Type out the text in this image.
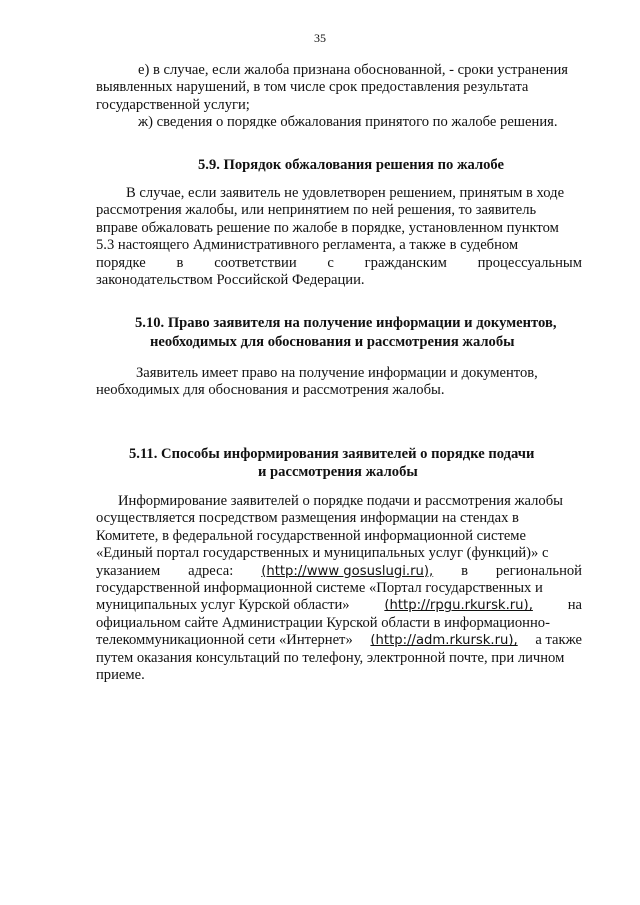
35
е) в случае, если жалоба признана обоснованной, - сроки устранения
выявленных нарушений, в том числе срок предоставления результата
государственной услуги;
ж) сведения о порядке обжалования принятого по жалобе решения.
5.9. Порядок обжалования решения по жалобе
В случае, если заявитель не удовлетворен решением, принятым в ходе
рассмотрения жалобы, или непринятием по ней решения, то заявитель
вправе обжаловать решение по жалобе в порядке, установленном пунктом
5.3 настоящего Административного регламента, а также в судебном
порядке в соответствии с гражданским процессуальным
законодательством Российской Федерации.
5.10. Право заявителя на получение информации и документов,
необходимых для обоснования и рассмотрения жалобы
Заявитель имеет право на получение информации и документов,
необходимых для обоснования и рассмотрения жалобы.
5.11. Способы информирования заявителей о порядке подачи
и рассмотрения жалобы
Информирование заявителей о порядке подачи и рассмотрения жалобы
осуществляется посредством размещения информации на стендах в
Комитете, в федеральной государственной информационной системе
«Единый портал государственных и муниципальных услуг (функций)» с
указанием адреса: (http://www gosuslugi.ru), в региональной
государственной информационной системе «Портал государственных и
муниципальных услуг Курской области»	(http://rpgu.rkursk.ru), на
официальном сайте Администрации Курской области в информационно-
телекоммуникационной сети «Интернет» (http://adm.rkursk.ru), а также
путем оказания консультаций по телефону, электронной почте, при личном
приеме.
